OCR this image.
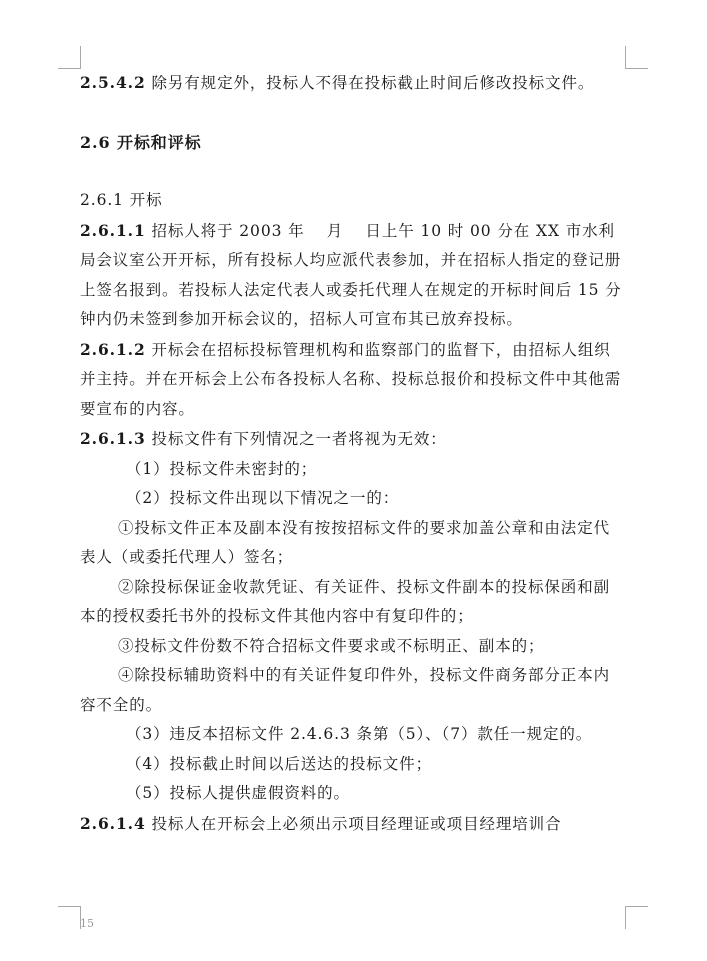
2.5.4.2 除另有规定外，投标人不得在投标截止时间后修改投标文件。

2.6 开标和评标

2.6.1 开标

2.6.1.1 招标人将于 2003 年　 月　 日上午 10 时 00 分在 XX 市水利局会议室公开开标，所有投标人均应派代表参加，并在招标人指定的登记册上签名报到。若投标人法定代表人或委托代理人在规定的开标时间后 15 分钟内仍未签到参加开标会议的，招标人可宣布其已放弃投标。

2.6.1.2 开标会在招标投标管理机构和监察部门的监督下，由招标人组织并主持。并在开标会上公布各投标人名称、投标总报价和投标文件中其他需要宣布的内容。

2.6.1.3 投标文件有下列情况之一者将视为无效：

（1）投标文件未密封的；

（2）投标文件出现以下情况之一的：

①投标文件正本及副本没有按按招标文件的要求加盖公章和由法定代表人（或委托代理人）签名；

②除投标保证金收款凭证、有关证件、投标文件副本的投标保函和副本的授权委托书外的投标文件其他内容中有复印件的；

③投标文件份数不符合招标文件要求或不标明正、副本的；

④除投标辅助资料中的有关证件复印件外，投标文件商务部分正本内容不全的。

（3）违反本招标文件 2.4.6.3 条第（5）、（7）款任一规定的。

（4）投标截止时间以后送达的投标文件；

（5）投标人提供虚假资料的。

2.6.1.4 投标人在开标会上必须出示项目经理证或项目经理培训合

15
